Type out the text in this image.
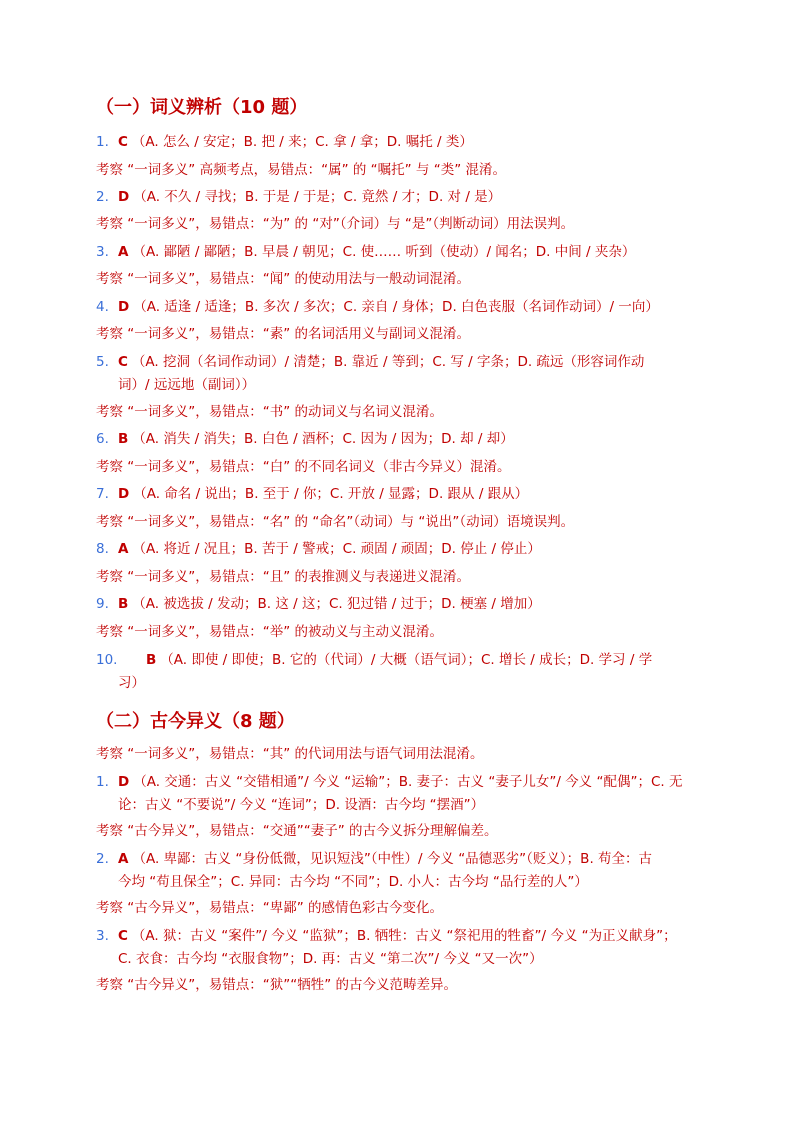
（一）词义辨析（10 题）
1. C （A. 怎么 / 安定；B. 把 / 来；C. 拿 / 拿；D. 嘱托 / 类）
考察 “一词多义” 高频考点，易错点：“属” 的 “嘱托” 与 “类” 混淆。
2. D （A. 不久 / 寻找；B. 于是 / 于是；C. 竟然 / 才；D. 对 / 是）
考察 “一词多义”，易错点：“为” 的 “对”（介词）与 “是”（判断动词）用法误判。
3. A （A. 鄙陋 / 鄙陋；B. 早晨 / 朝见；C. 使…… 听到（使动）/ 闻名；D. 中间 / 夹杂）
考察 “一词多义”，易错点：“闻” 的使动用法与一般动词混淆。
4. D （A. 适逢 / 适逢；B. 多次 / 多次；C. 亲自 / 身体；D. 白色丧服（名词作动词）/ 一向）
考察 “一词多义”，易错点：“素” 的名词活用义与副词义混淆。
5. C （A. 挖洞（名词作动词）/ 清楚；B. 靠近 / 等到；C. 写 / 字条；D. 疏远（形容词作动
词）/ 远远地（副词））
考察 “一词多义”，易错点：“书” 的动词义与名词义混淆。
6. B （A. 消失 / 消失；B. 白色 / 酒杯；C. 因为 / 因为；D. 却 / 却）
考察 “一词多义”，易错点：“白” 的不同名词义（非古今异义）混淆。
7. D （A. 命名 / 说出；B. 至于 / 你；C. 开放 / 显露；D. 跟从 / 跟从）
考察 “一词多义”，易错点：“名” 的 “命名”（动词）与 “说出”（动词）语境误判。
8. A （A. 将近 / 况且；B. 苦于 / 警戒；C. 顽固 / 顽固；D. 停止 / 停止）
考察 “一词多义”，易错点：“且” 的表推测义与表递进义混淆。
9. B （A. 被选拔 / 发动；B. 这 / 这；C. 犯过错 / 过于；D. 梗塞 / 增加）
考察 “一词多义”，易错点：“举” 的被动义与主动义混淆。
10. B （A. 即使 / 即使；B. 它的（代词）/ 大概（语气词）；C. 增长 / 成长；D. 学习 / 学
习）
（二）古今异义（8 题）
考察 “一词多义”，易错点：“其” 的代词用法与语气词用法混淆。
1. D （A. 交通：古义 “交错相通”/ 今义 “运输”；B. 妻子：古义 “妻子儿女”/ 今义 “配偶”；C. 无
论：古义 “不要说”/ 今义 “连词”；D. 设酒：古今均 “摆酒”）
考察 “古今异义”，易错点：“交通”“妻子” 的古今义拆分理解偏差。
2. A （A. 卑鄙：古义 “身份低微，见识短浅”（中性）/ 今义 “品德恶劣”（贬义）；B. 苟全：古
今均 “苟且保全”；C. 异同：古今均 “不同”；D. 小人：古今均 “品行差的人”）
考察 “古今异义”，易错点：“卑鄙” 的感情色彩古今变化。
3. C （A. 狱：古义 “案件”/ 今义 “监狱”；B. 牺牲：古义 “祭祀用的牲畜”/ 今义 “为正义献身”；
C. 衣食：古今均 “衣服食物”；D. 再：古义 “第二次”/ 今义 “又一次”）
考察 “古今异义”，易错点：“狱”“牺牲” 的古今义范畴差异。
